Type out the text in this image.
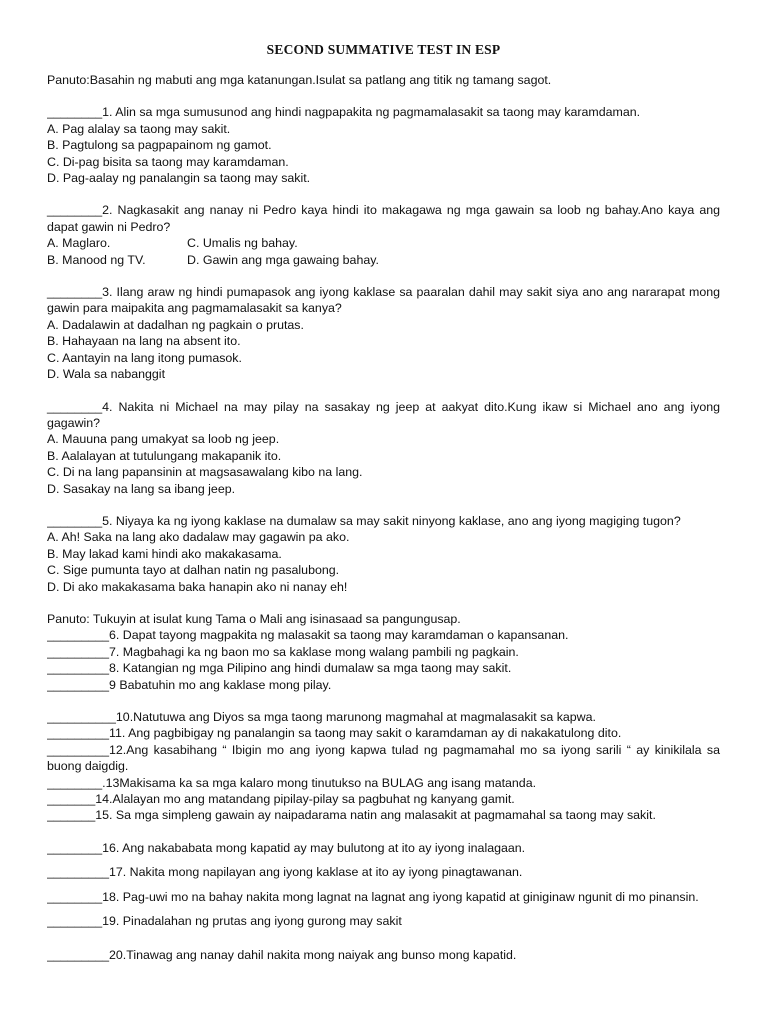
SECOND SUMMATIVE TEST IN ESP
Panuto:Basahin ng mabuti ang mga katanungan.Isulat sa patlang ang titik ng tamang sagot.
________1. Alin sa mga sumusunod ang hindi nagpapakita ng pagmamalasakit sa taong may karamdaman.
A. Pag alalay sa taong may sakit.
B. Pagtulong sa pagpapainom ng gamot.
C. Di-pag bisita sa taong may karamdaman.
D. Pag-aalay ng panalangin sa taong may sakit.
________2. Nagkasakit ang nanay ni Pedro kaya hindi ito makagawa ng mga gawain sa loob ng bahay.Ano kaya ang dapat gawin ni Pedro?
A. Maglaro.	C. Umalis ng bahay.
B. Manood ng TV.	D. Gawin ang mga gawaing bahay.
________3. Ilang araw ng hindi pumapasok ang iyong kaklase sa paaralan dahil may sakit siya ano ang nararapat mong gawin para maipakita ang pagmamalasakit sa kanya?
A. Dadalawin at dadalhan ng pagkain o prutas.
B. Hahayaan na lang na absent ito.
C. Aantayin na lang itong pumasok.
D. Wala sa nabanggit
________4. Nakita ni Michael na may pilay na sasakay ng jeep at aakyat dito.Kung ikaw si Michael ano ang iyong gagawin?
A. Mauuna pang umakyat sa loob ng jeep.
B. Aalalayan at tutulungang makapanik ito.
C. Di na lang papansinin at magsasawalang kibo na lang.
D. Sasakay na lang sa ibang jeep.
________5. Niyaya ka ng iyong kaklase na dumalaw sa may sakit ninyong kaklase, ano ang iyong magiging tugon?
A. Ah! Saka na lang ako dadalaw may gagawin pa ako.
B. May lakad kami hindi ako makakasama.
C. Sige pumunta tayo at dalhan natin ng pasalubong.
D. Di ako makakasama baka hanapin ako ni nanay eh!
Panuto: Tukuyin at isulat kung Tama o Mali ang isinasaad sa pangungusap.
_________6. Dapat tayong magpakita ng malasakit sa taong may karamdaman o kapansanan.
_________7. Magbahagi ka ng baon mo sa kaklase mong walang pambili ng pagkain.
_________8. Katangian ng mga Pilipino ang hindi dumalaw sa mga taong may sakit.
_________9 Babatuhin mo ang kaklase mong pilay.
__________10.Natutuwa ang Diyos sa mga taong marunong magmahal at magmalasakit sa kapwa.
_________11. Ang pagbibigay ng panalangin sa taong may sakit o karamdaman ay di nakakatulong dito.
_________12.Ang kasabihang “ Ibigin mo ang iyong kapwa tulad ng pagmamahal mo sa iyong sarili “ ay kinikilala sa buong daigdig.
________.13Makisama ka sa mga kalaro mong tinutukso na BULAG ang isang matanda.
_______14.Alalayan mo ang matandang pipilay-pilay sa pagbuhat ng kanyang gamit.
_______15. Sa mga simpleng gawain ay naipadarama natin ang malasakit at pagmamahal sa taong may sakit.
________16. Ang nakababata mong kapatid ay may bulutong at ito ay iyong inalagaan.
_________17. Nakita mong napilayan ang iyong kaklase at ito ay iyong pinagtawanan.
________18. Pag-uwi mo na bahay nakita mong lagnat na lagnat ang iyong kapatid at giniginaw ngunit di mo pinansin.
________19. Pinadalahan ng prutas ang iyong gurong may sakit
_________20.Tinawag ang nanay dahil nakita mong naiyak ang bunso mong kapatid.
